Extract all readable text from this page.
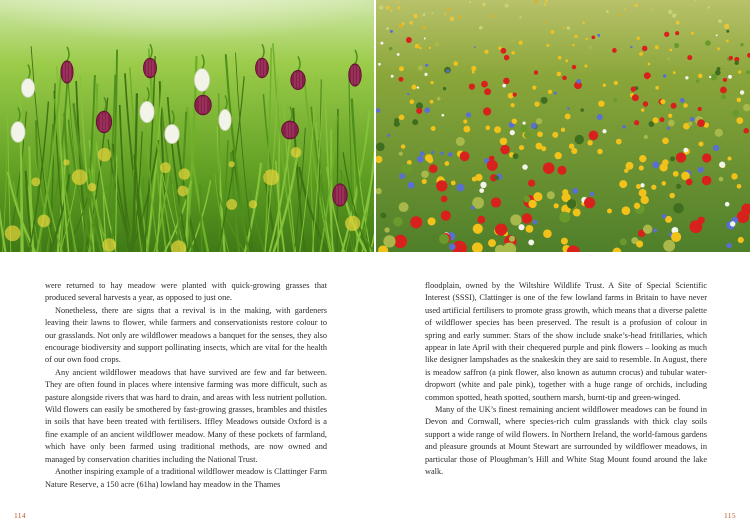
were returned to hay meadow were planted with quick-growing grasses that produced several harvests a year, as opposed to just one.

Nonetheless, there are signs that a revival is in the making, with gardeners leaving their lawns to flower, while farmers and conservationists restore colour to our grasslands. Not only are wildflower meadows a banquet for the senses, they also encourage biodiversity and support pollinating insects, which are vital for the health of our own food crops.

Any ancient wildflower meadows that have survived are few and far between. They are often found in places where intensive farming was more difficult, such as pasture alongside rivers that was hard to drain, and areas with less nutrient pollution. Wild flowers can easily be smothered by fast-growing grasses, brambles and thistles in soils that have been treated with fertilisers. Iffley Meadows outside Oxford is a fine example of an ancient wildflower meadow. Many of these pockets of farmland, which have only been farmed using traditional methods, are now owned and managed by conservation charities including the National Trust.

Another inspiring example of a traditional wildflower meadow is Clattinger Farm Nature Reserve, a 150 acre (61ha) lowland hay meadow in the Thames

floodplain, owned by the Wiltshire Wildlife Trust. A Site of Special Scientific Interest (SSSI), Clattinger is one of the few lowland farms in Britain to have never used artificial fertilisers to promote grass growth, which means that a diverse palette of wildflower species has been preserved. The result is a profusion of colour in spring and early summer. Stars of the show include snake’s-head fritillaries, which appear in late April with their chequered purple and pink flowers – looking as much like designer lampshades as the snakeskin they are said to resemble. In August, there is meadow saffron (a pink flower, also known as autumn crocus) and tubular water-dropwort (white and pale pink), together with a huge range of orchids, including common spotted, heath spotted, southern marsh, burnt-tip and green-winged.

Many of the UK’s finest remaining ancient wildflower meadows can be found in Devon and Cornwall, where species-rich culm grasslands with thick clay soils support a wide range of wild flowers. In Northern Ireland, the world-famous gardens and pleasure grounds at Mount Stewart are surrounded by wildflower meadows, in particular those of Ploughman’s Hill and White Stag Mount found around the lake walk.

114	115
